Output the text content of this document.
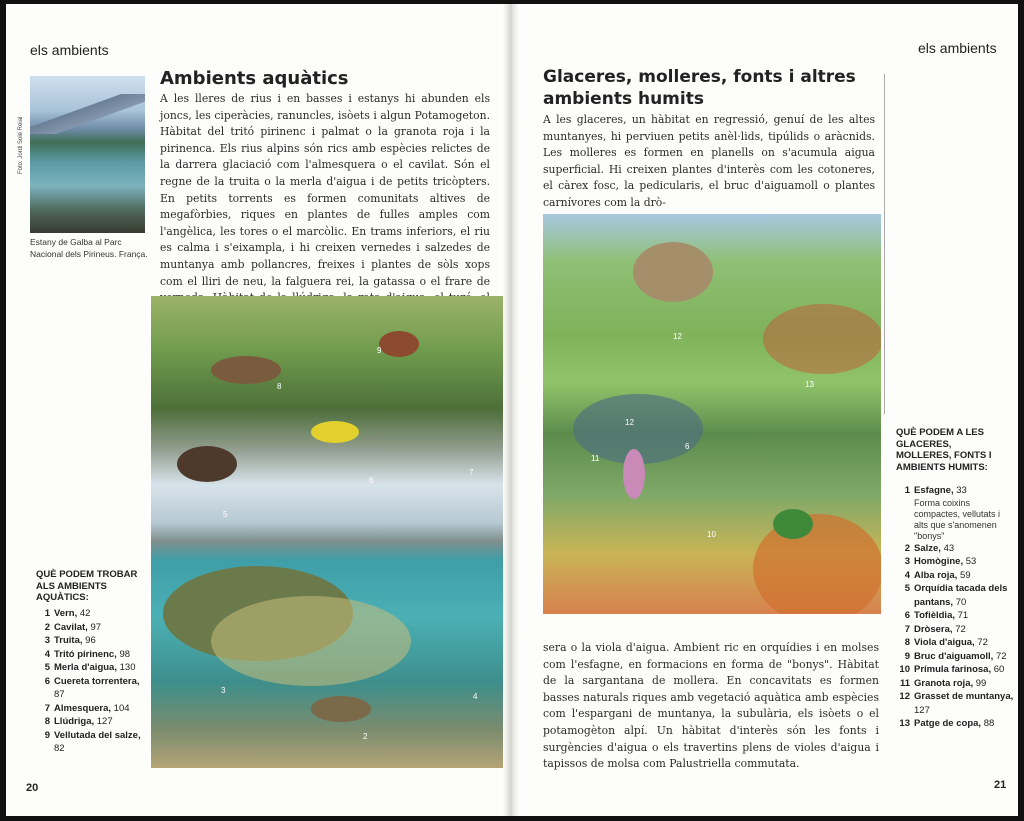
els ambients
Foto: Jordi Solé Reial
Estany de Galba al Parc Nacional dels Pirineus. França.
Ambients aquàtics
A les lleres de rius i en basses i estanys hi abunden els joncs, les ciperàcies, ranuncles, isòets i algun Potamogeton. Hàbitat del tritó pirinenc i palmat o la granota roja i la pirinenca. Els rius alpins són rics amb espècies relictes de la darrera glaciació com l'almesquera o el cavilat. Són el regne de la truita o la merla d'aigua i de petits tricòpters. En petits torrents es formen comunitats altives de megafòrbies, riques en plantes de fulles amples com l'angèlica, les tores o el marcòlic. En trams inferiors, el riu es calma i s'eixampla, i hi creixen vernedes i salzedes de muntanya amb pollancres, freixes i plantes de sòls xops com el lliri de neu, la falguera rei, la gatassa o el frare de
8
9
6
7
5
3
2
4
QUÈ PODEM TROBAR ALS AMBIENTS AQUÀTICS:
1 Vern, 42
2 Cavilat, 97
3 Truita, 96
4 Tritó pirinenc, 98
5 Merla d'aigua, 130
6 Cuereta torrentera, 87
7 Almesquera, 104
8 Llúdriga, 127
9 Vellutada del salze, 82
20
els ambients
Glaceres, molleres, fonts i altres ambients humits
A les glaceres, un hàbitat en regressió, genuí de les altes muntanyes, hi perviuen petits anèl·lids, tipúlids o aràcnids. Les molleres es formen en planells on s'acumula aigua superficial. Hi creixen plantes d'interès com les cotoneres, el càrex fosc, la pedicularis, el bruc d'aiguamoll o plantes carnívores com la drò-
12
13
12
11
6
10
sera o la viola d'aigua. Ambient ric en orquídies i en molses com l'esfagne, en formacions en forma de "bonys". Hàbitat de la sargantana de mollera. En concavitats es formen basses naturals riques amb vegetació aquàtica amb espècies com l'espargani de muntanya, la subulària, els isòets o el potamogèton alpí. Un hàbitat d'interès són les fonts i surgències d'aigua o els travertins plens de violes d'aigua i tapissos de molsa com Palustriella commutata.
QUÈ PODEM A LES GLACERES, MOLLERES, FONTS I AMBIENTS HUMITS:
1 Esfagne, 33
Forma coixins compactes, vellutats i alts que s'anomenen "bonys"
2 Salze, 43
3 Homògine, 53
4 Alba roja, 59
5 Orquídia tacada dels pantans, 70
6 Tofièldia, 71
7 Dròsera, 72
8 Viola d'aigua, 72
9 Bruc d'aiguamoll, 72
10 Prímula farinosa, 60
11 Granota roja, 99
12 Grasset de muntanya, 127
13 Patge de copa, 88
21
